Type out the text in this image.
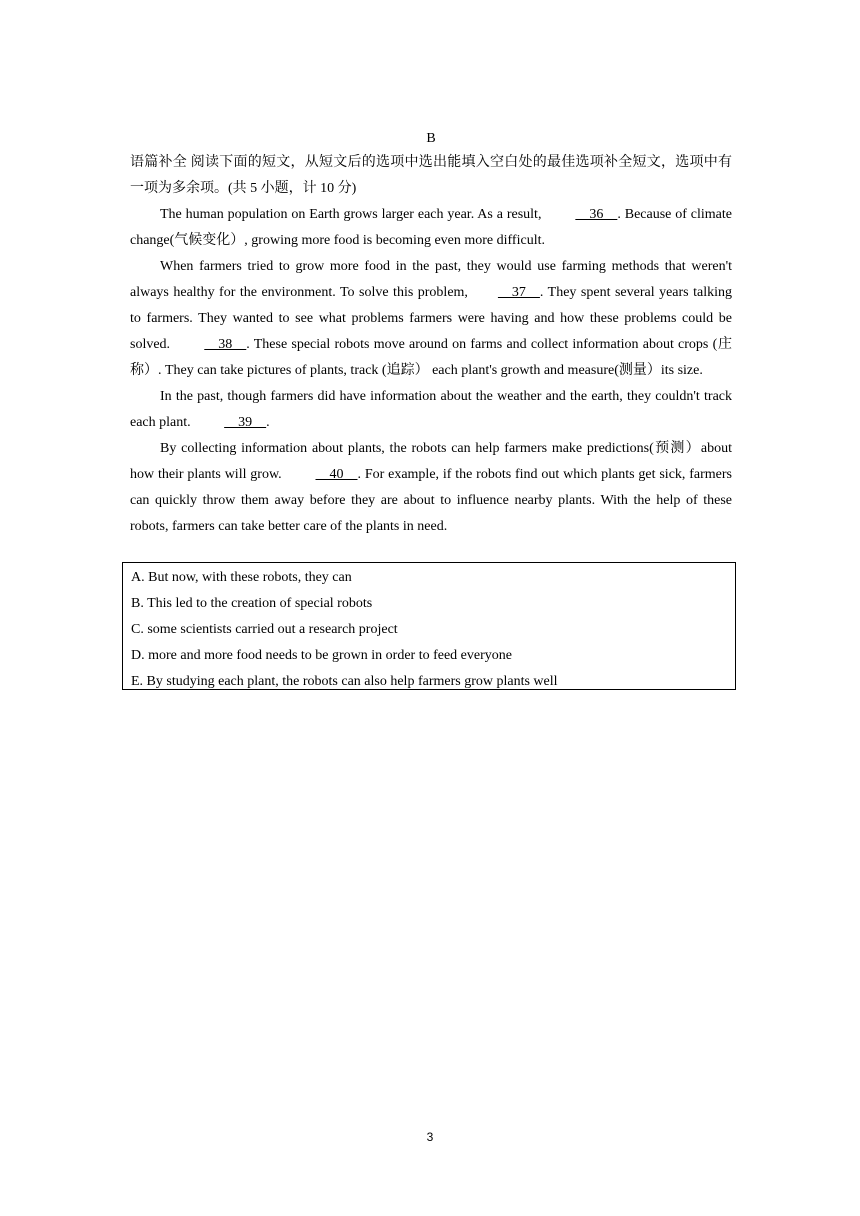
B

语篇补全 阅读下面的短文，从短文后的选项中选出能填入空白处的最佳选项补全短文，选项中有一项为多余项。(共 5 小题，计 10 分)

The human population on Earth grows larger each year. As a result,     36    . Because of climate change(气候变化）, growing more food is becoming even more difficult.

When farmers tried to grow more food in the past, they would use farming methods that weren't always healthy for the environment. To solve this problem,    37    . They spent several years talking to farmers. They wanted to see what problems farmers were having and how these problems could be solved.     38    . These special robots move around on farms and collect information about crops (庄称）. They can take pictures of plants, track (追踪） each plant's growth and measure(测量）its size.

In the past, though farmers did have information about the weather and the earth, they couldn't track each plant.     39    .

By collecting information about plants, the robots can help farmers make predictions(预测）about how their plants will grow.     40    . For example, if the robots find out which plants get sick, farmers can quickly throw them away before they are about to influence nearby plants. With the help of these robots, farmers can take better care of the plants in need.

A. But now, with these robots, they can
B. This led to the creation of special robots
C. some scientists carried out a research project
D. more and more food needs to be grown in order to feed everyone
E. By studying each plant, the robots can also help farmers grow plants well
3
